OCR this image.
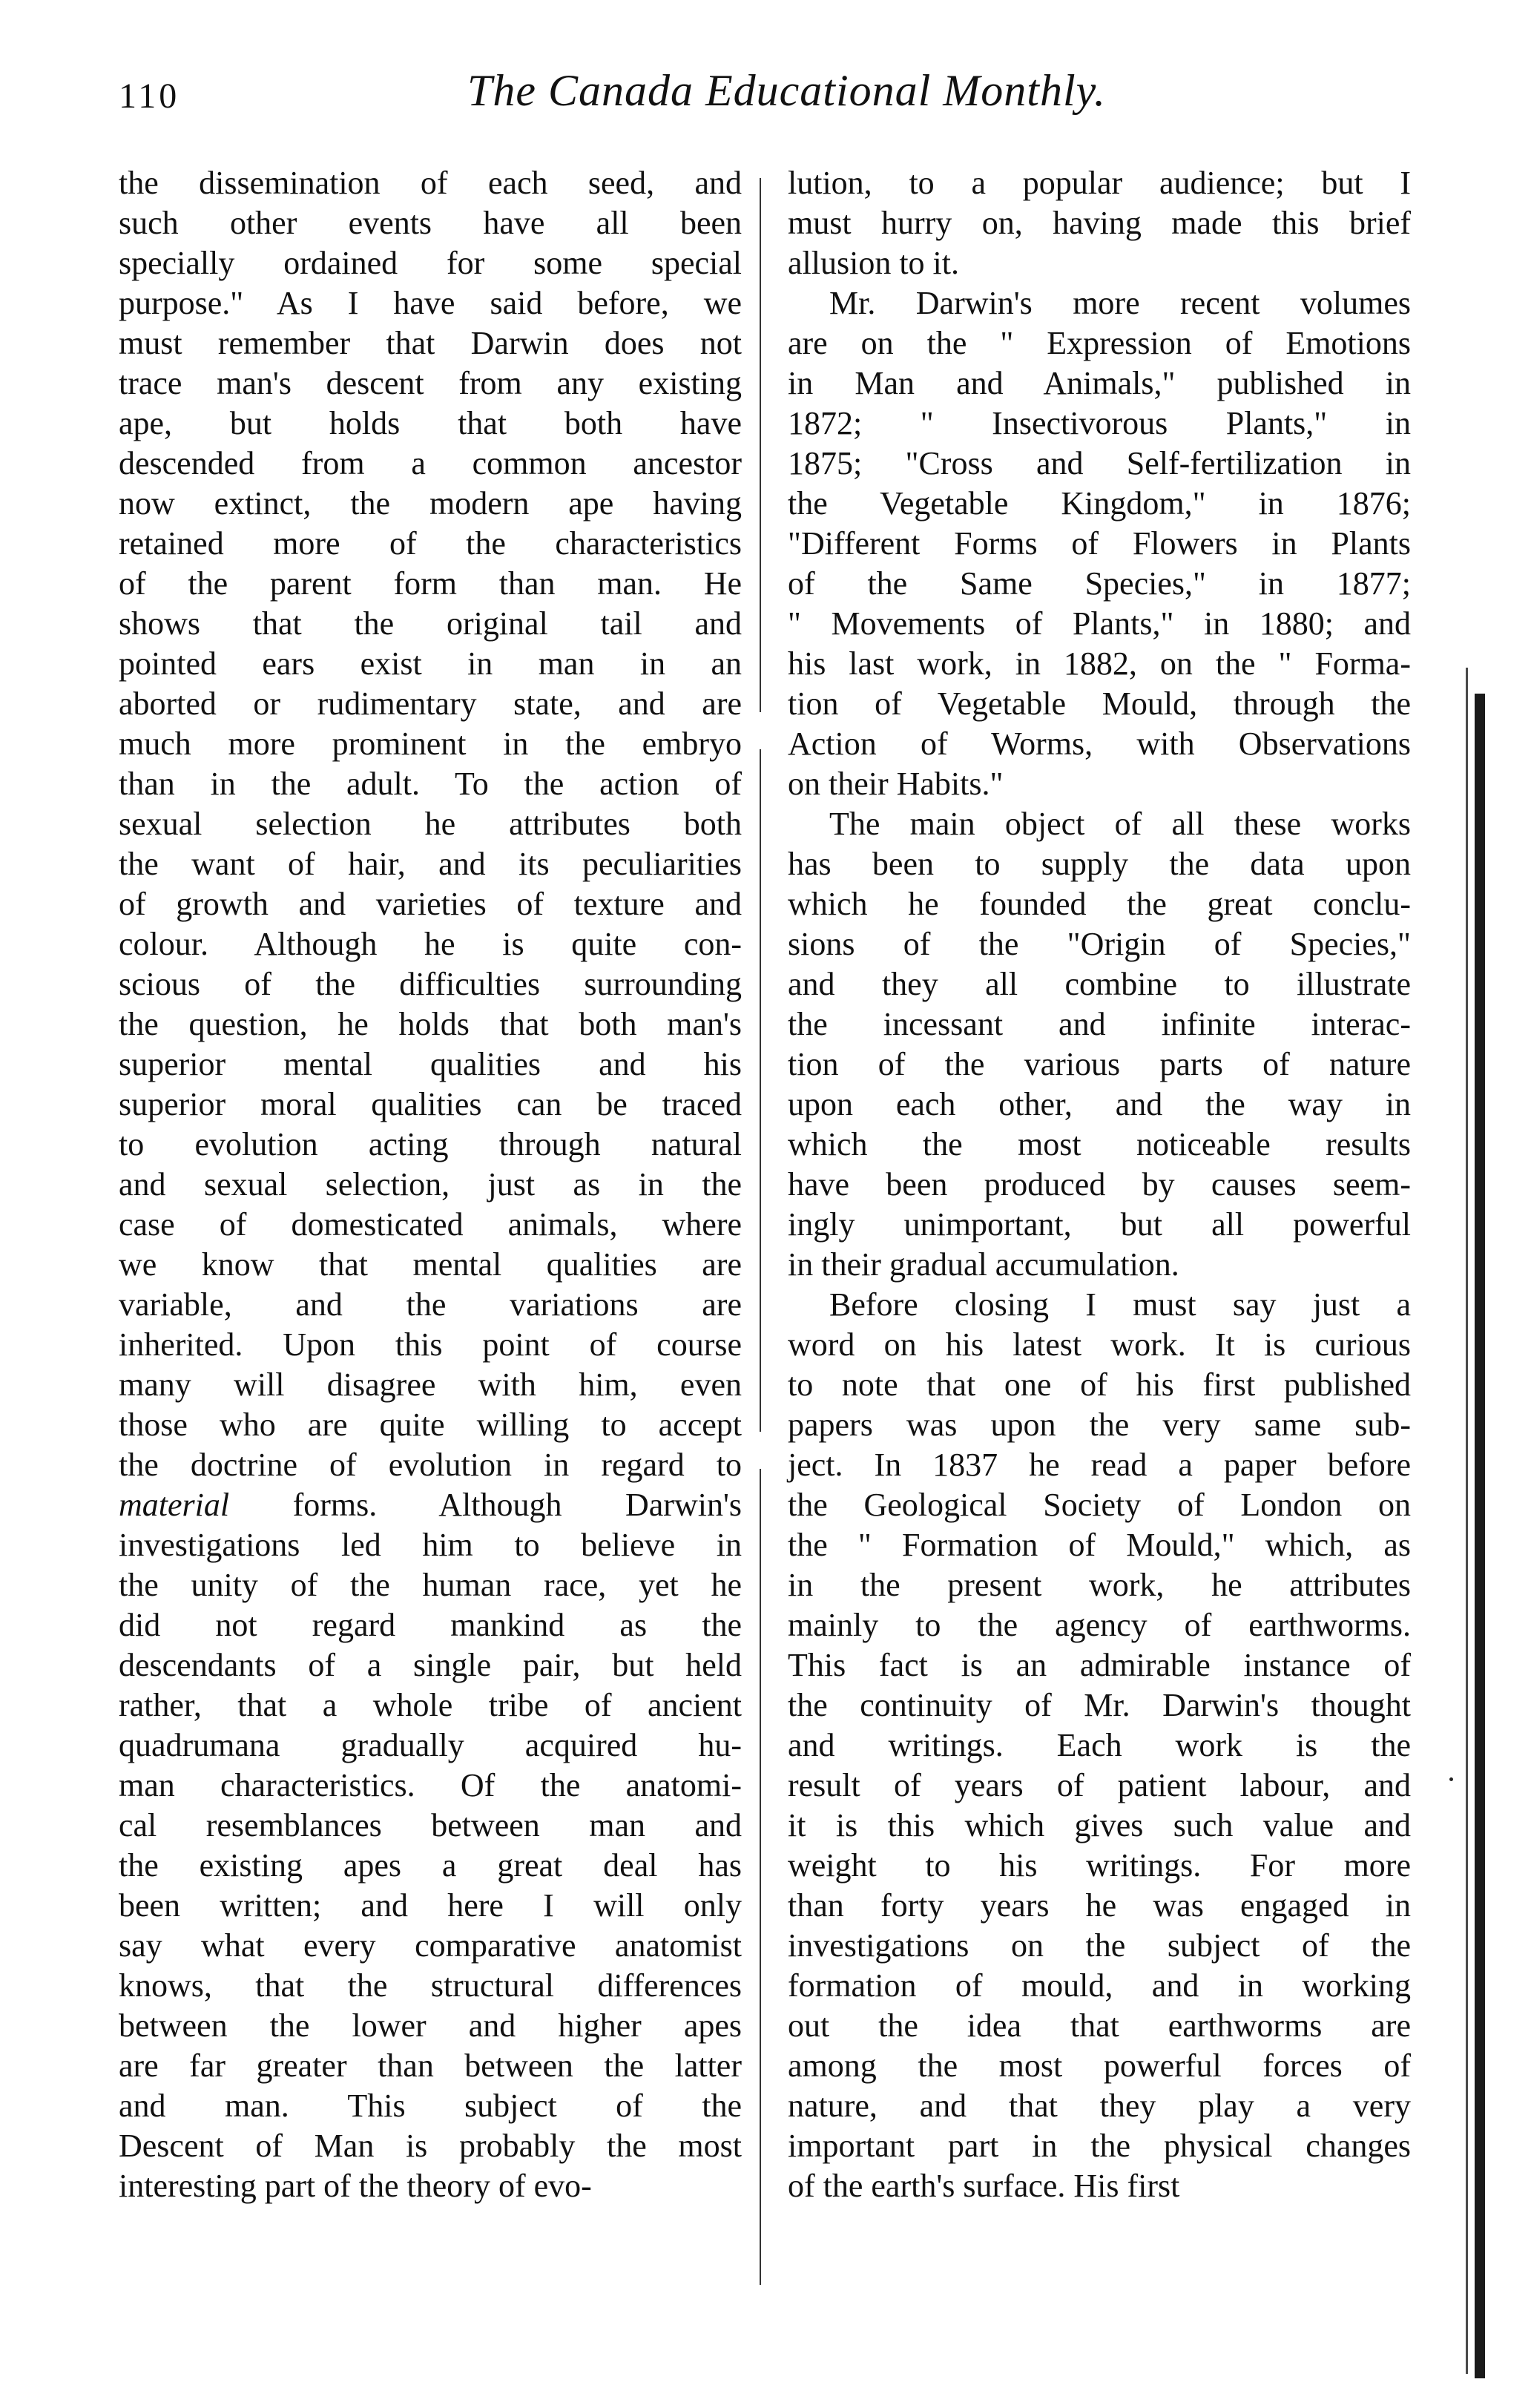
110	The Canada Educational Monthly.
the dissemination of each seed, and
such other events have all been
specially ordained for some special
purpose." As I have said before, we
must remember that Darwin does not
trace man's descent from any existing
ape, but holds that both have
descended from a common ancestor
now extinct, the modern ape having
retained more of the characteristics
of the parent form than man. He
shows that the original tail and
pointed ears exist in man in an
aborted or rudimentary state, and are
much more prominent in the embryo
than in the adult. To the action of
sexual selection he attributes both
the want of hair, and its peculiarities
of growth and varieties of texture and
colour. Although he is quite con-
scious of the difficulties surrounding
the question, he holds that both man's
superior mental qualities and his
superior moral qualities can be traced
to evolution acting through natural
and sexual selection, just as in the
case of domesticated animals, where
we know that mental qualities are
variable, and the variations are
inherited. Upon this point of course
many will disagree with him, even
those who are quite willing to accept
the doctrine of evolution in regard to
material forms. Although Darwin's
investigations led him to believe in
the unity of the human race, yet he
did not regard mankind as the
descendants of a single pair, but held
rather, that a whole tribe of ancient
quadrumana gradually acquired hu-
man characteristics. Of the anatomi-
cal resemblances between man and
the existing apes a great deal has
been written; and here I will only
say what every comparative anatomist
knows, that the structural differences
between the lower and higher apes
are far greater than between the latter
and man. This subject of the
Descent of Man is probably the most
interesting part of the theory of evo-
lution, to a popular audience; but I
must hurry on, having made this brief
allusion to it.
Mr. Darwin's more recent volumes
are on the " Expression of Emotions
in Man and Animals," published in
1872; " Insectivorous Plants," in
1875; "Cross and Self-fertilization in
the Vegetable Kingdom," in 1876;
"Different Forms of Flowers in Plants
of the Same Species," in 1877;
" Movements of Plants," in 1880; and
his last work, in 1882, on the " Forma-
tion of Vegetable Mould, through the
Action of Worms, with Observations
on their Habits."
The main object of all these works
has been to supply the data upon
which he founded the great conclu-
sions of the "Origin of Species,"
and they all combine to illustrate
the incessant and infinite interac-
tion of the various parts of nature
upon each other, and the way in
which the most noticeable results
have been produced by causes seem-
ingly unimportant, but all powerful
in their gradual accumulation.
Before closing I must say just a
word on his latest work. It is curious
to note that one of his first published
papers was upon the very same sub-
ject. In 1837 he read a paper before
the Geological Society of London on
the " Formation of Mould," which, as
in the present work, he attributes
mainly to the agency of earthworms.
This fact is an admirable instance of
the continuity of Mr. Darwin's thought
and writings. Each work is the
result of years of patient labour, and
it is this which gives such value and
weight to his writings. For more
than forty years he was engaged in
investigations on the subject of the
formation of mould, and in working
out the idea that earthworms are
among the most powerful forces of
nature, and that they play a very
important part in the physical changes
of the earth's surface. His first
